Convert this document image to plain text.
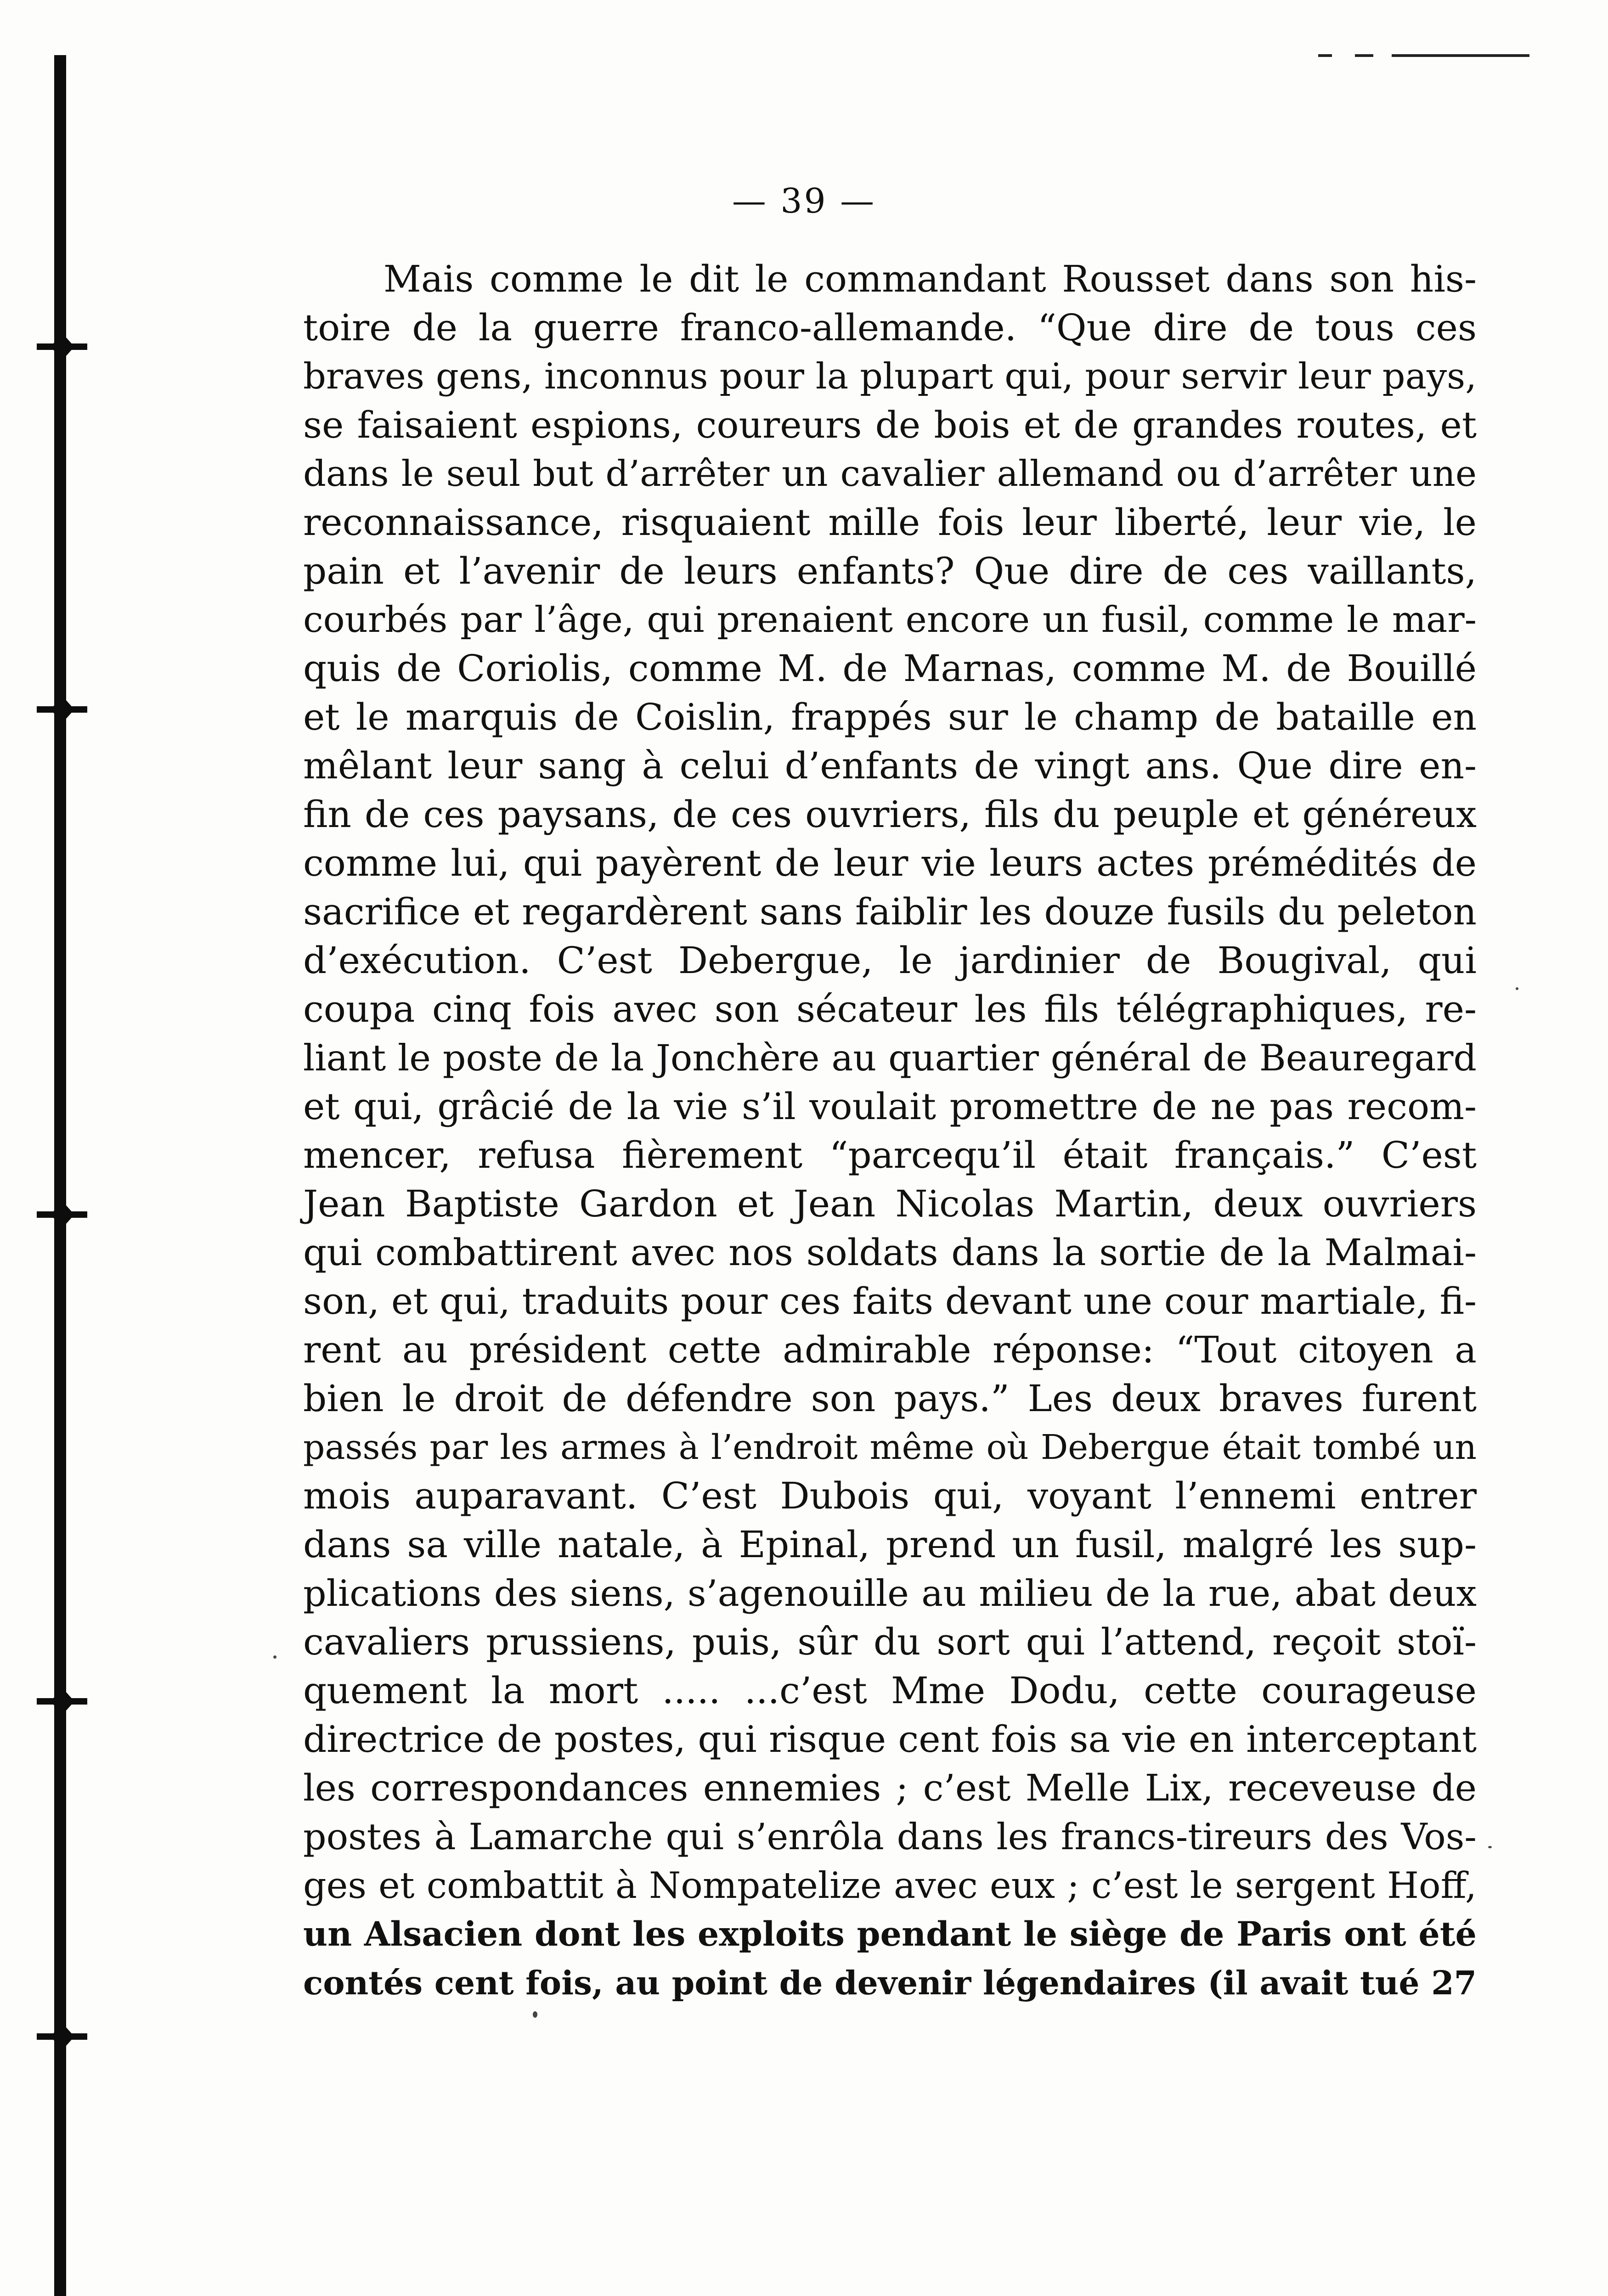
— 39 —
Mais comme le dit le commandant Rousset dans son his-
toire de la guerre franco-allemande. “Que dire de tous ces
braves gens, inconnus pour la plupart qui, pour servir leur pays,
se faisaient espions, coureurs de bois et de grandes routes, et
dans le seul but d’arrêter un cavalier allemand ou d’arrêter une
reconnaissance, risquaient mille fois leur liberté, leur vie, le
pain et l’avenir de leurs enfants? Que dire de ces vaillants,
courbés par l’âge, qui prenaient encore un fusil, comme le mar-
quis de Coriolis, comme M. de Marnas, comme M. de Bouillé
et le marquis de Coislin, frappés sur le champ de bataille en
mêlant leur sang à celui d’enfants de vingt ans. Que dire en-
fin de ces paysans, de ces ouvriers, fils du peuple et généreux
comme lui, qui payèrent de leur vie leurs actes prémédités de
sacrifice et regardèrent sans faiblir les douze fusils du peleton
d’exécution. C’est Debergue, le jardinier de Bougival, qui
coupa cinq fois avec son sécateur les fils télégraphiques, re-
liant le poste de la Jonchère au quartier général de Beauregard
et qui, grâcié de la vie s’il voulait promettre de ne pas recom-
mencer, refusa fièrement “parcequ’il était français.” C’est
Jean Baptiste Gardon et Jean Nicolas Martin, deux ouvriers
qui combattirent avec nos soldats dans la sortie de la Malmai-
son, et qui, traduits pour ces faits devant une cour martiale, fi-
rent au président cette admirable réponse: “Tout citoyen a
bien le droit de défendre son pays.” Les deux braves furent
passés par les armes à l’endroit même où Debergue était tombé un
mois auparavant. C’est Dubois qui, voyant l’ennemi entrer
dans sa ville natale, à Epinal, prend un fusil, malgré les sup-
plications des siens, s’agenouille au milieu de la rue, abat deux
cavaliers prussiens, puis, sûr du sort qui l’attend, reçoit stoï-
quement la mort ..... ...c’est Mme Dodu, cette courageuse
directrice de postes, qui risque cent fois sa vie en interceptant
les correspondances ennemies ; c’est Melle Lix, receveuse de
postes à Lamarche qui s’enrôla dans les francs-tireurs des Vos-
ges et combattit à Nompatelize avec eux ; c’est le sergent Hoff,
un Alsacien dont les exploits pendant le siège de Paris ont été
contés cent fois, au point de devenir légendaires (il avait tué 27
